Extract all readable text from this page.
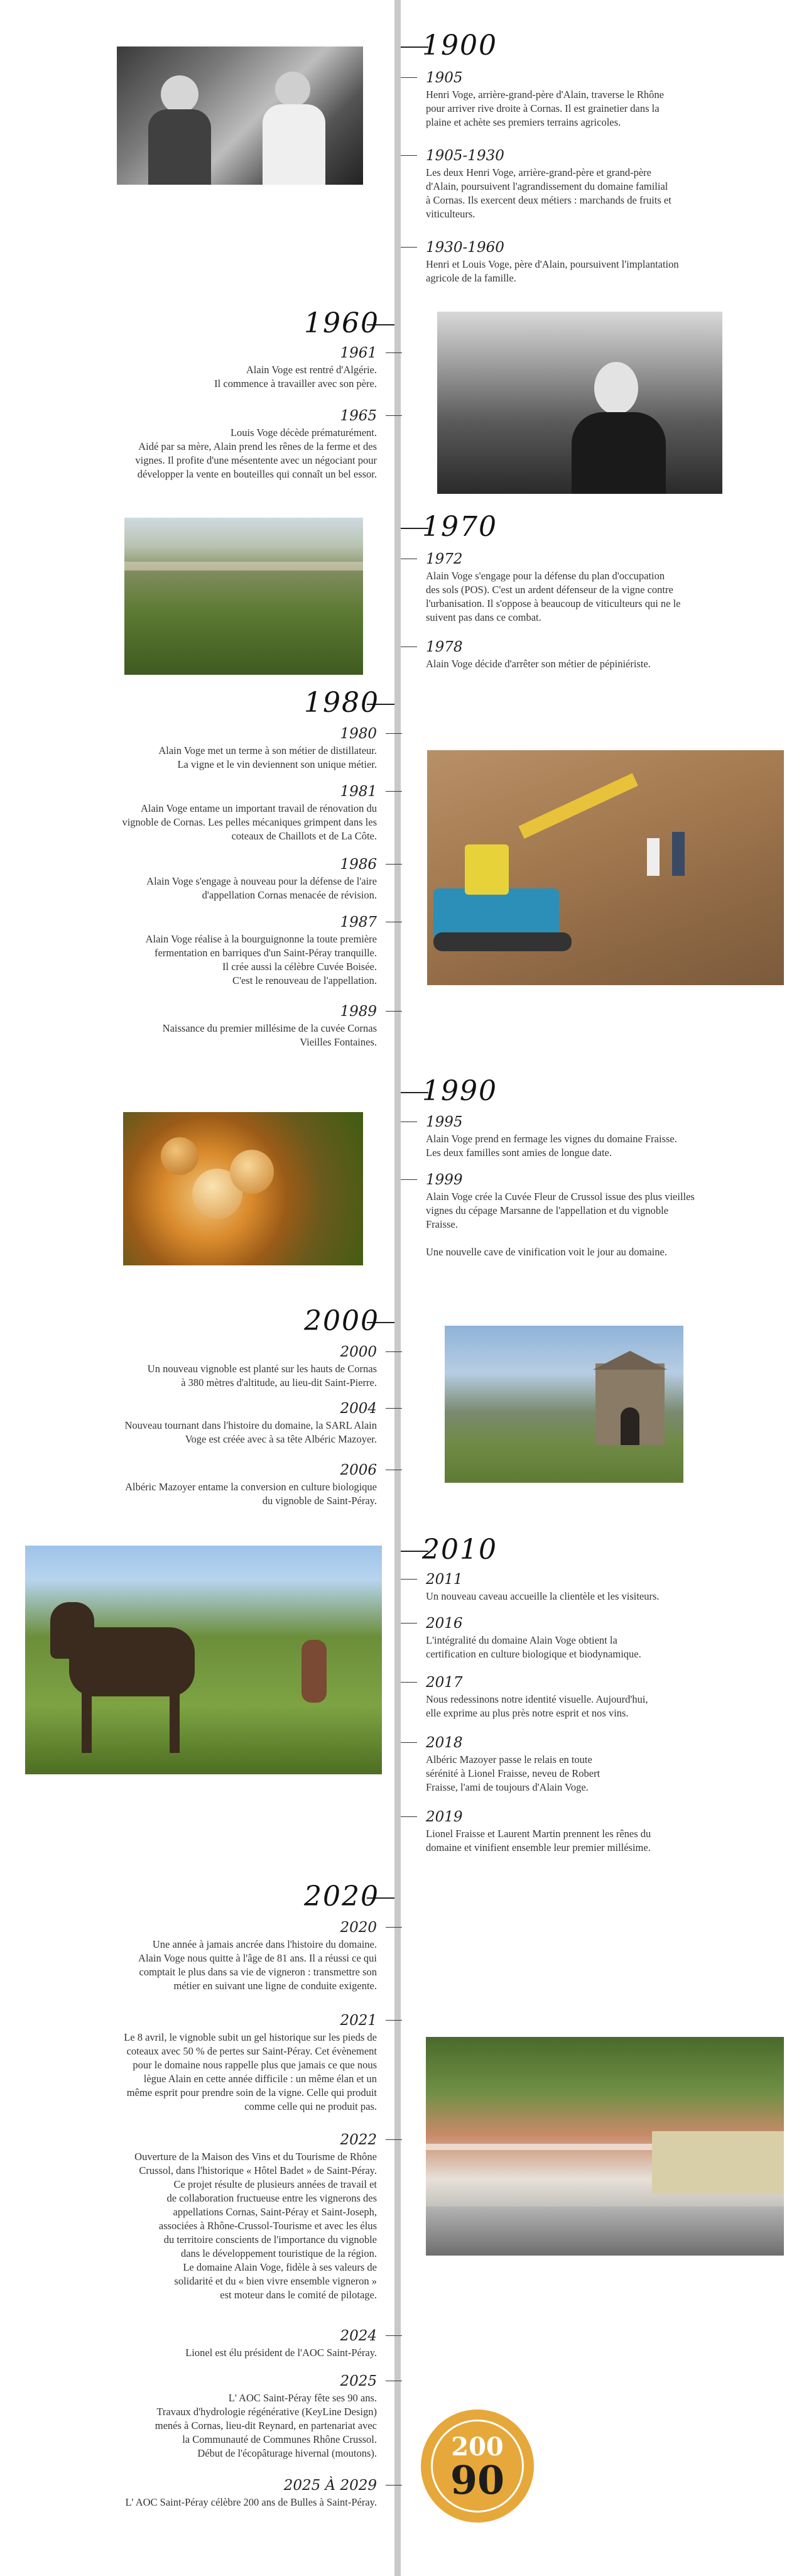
1900
1960
1970
1980
1990
2000
2010
2020
1905
Henri Voge, arrière-grand-père d'Alain, traverse le Rhône
pour arriver rive droite à Cornas. Il est grainetier dans la
plaine et achète ses premiers terrains agricoles.
1905-1930
Les deux Henri Voge, arrière-grand-père et grand-père
d'Alain, poursuivent l'agrandissement du domaine familial
à Cornas. Ils exercent deux métiers : marchands de fruits et
viticulteurs.
1930-1960
Henri et Louis Voge, père d'Alain, poursuivent l'implantation
agricole de la famille.
1961
Alain Voge est rentré d'Algérie.
Il commence à travailler avec son père.
1965
Louis Voge décède prématurément.
Aidé par sa mère, Alain prend les rênes de la ferme et des
vignes. Il profite d'une mésentente avec un négociant pour
développer la vente en bouteilles qui connaît un bel essor.
1972
Alain Voge s'engage pour la défense du plan d'occupation
des sols (POS). C'est un ardent défenseur de la vigne contre
l'urbanisation. Il s'oppose à beaucoup de viticulteurs qui ne le
suivent pas dans ce combat.
1978
Alain Voge décide d'arrêter son métier de pépiniériste.
1980
Alain Voge met un terme à son métier de distillateur.
La vigne et le vin deviennent son unique métier.
1981
Alain Voge entame un important travail de rénovation du
vignoble de Cornas. Les pelles mécaniques grimpent dans les
coteaux de Chaillots et de La Côte.
1986
Alain Voge s'engage à nouveau pour la défense de l'aire
d'appellation Cornas menacée de révision.
1987
Alain Voge réalise à la bourguignonne la toute première
fermentation en barriques d'un Saint-Péray tranquille.
Il crée aussi la célèbre Cuvée Boisée.
C'est le renouveau de l'appellation.
1989
Naissance du premier millésime de la cuvée Cornas
Vieilles Fontaines.
1995
Alain Voge prend en fermage les vignes du domaine Fraisse.
Les deux familles sont amies de longue date.
1999
Alain Voge crée la Cuvée Fleur de Crussol issue des plus vieilles
vignes du cépage Marsanne de l'appellation et du vignoble
Fraisse.

Une nouvelle cave de vinification voit le jour au domaine.
2000
Un nouveau vignoble est planté sur les hauts de Cornas
à 380 mètres d'altitude, au lieu-dit Saint-Pierre.
2004
Nouveau tournant dans l'histoire du domaine, la SARL Alain
Voge est créée avec à sa tête Albéric Mazoyer.
2006
Albéric Mazoyer entame la conversion en culture biologique
du vignoble de Saint-Péray.
2011
Un nouveau caveau accueille la clientèle et les visiteurs.
2016
L'intégralité du domaine Alain Voge obtient la
certification en culture biologique et biodynamique.
2017
Nous redessinons notre identité visuelle. Aujourd'hui,
elle exprime au plus près notre esprit et nos vins.
2018
Albéric Mazoyer passe le relais en toute
sérénité à Lionel Fraisse, neveu de Robert
Fraisse, l'ami de toujours d'Alain Voge.
2019
Lionel Fraisse et Laurent Martin prennent les rênes du
domaine et vinifient ensemble leur premier millésime.
2020
Une année à jamais ancrée dans l'histoire du domaine.
Alain Voge nous quitte à l'âge de 81 ans. Il a réussi ce qui
comptait le plus dans sa vie de vigneron : transmettre son
métier en suivant une ligne de conduite exigente.
2021
Le 8 avril, le vignoble subit un gel historique sur les pieds de
coteaux avec 50 % de pertes sur Saint-Péray. Cet évènement
pour le domaine nous rappelle plus que jamais ce que nous
lègue Alain en cette année difficile : un même élan et un
même esprit pour prendre soin de la vigne. Celle qui produit
comme celle qui ne produit pas.
2022
Ouverture de la Maison des Vins et du Tourisme de Rhône
Crussol, dans l'historique « Hôtel Badet » de Saint-Péray.
Ce projet résulte de plusieurs années de travail et
de collaboration fructueuse entre les vignerons des
appellations Cornas, Saint-Péray et Saint-Joseph,
associées à Rhône-Crussol-Tourisme et avec les élus
du territoire conscients de l'importance du vignoble
dans le développement touristique de la région.
Le domaine Alain Voge, fidèle à ses valeurs de
solidarité et du « bien vivre ensemble vigneron »
est moteur dans le comité de pilotage.
2024
Lionel est élu président de l'AOC Saint-Péray.
2025
L' AOC Saint-Péray fête ses 90 ans.
Travaux d'hydrologie régénérative (KeyLine Design)
menés à Cornas, lieu-dit Reynard, en partenariat avec
la Communauté de Communes Rhône Crussol.
Début de l'écopâturage hivernal (moutons).
2025 À 2029
L' AOC Saint-Péray célèbre 200 ans de Bulles à Saint-Péray.
200
90
